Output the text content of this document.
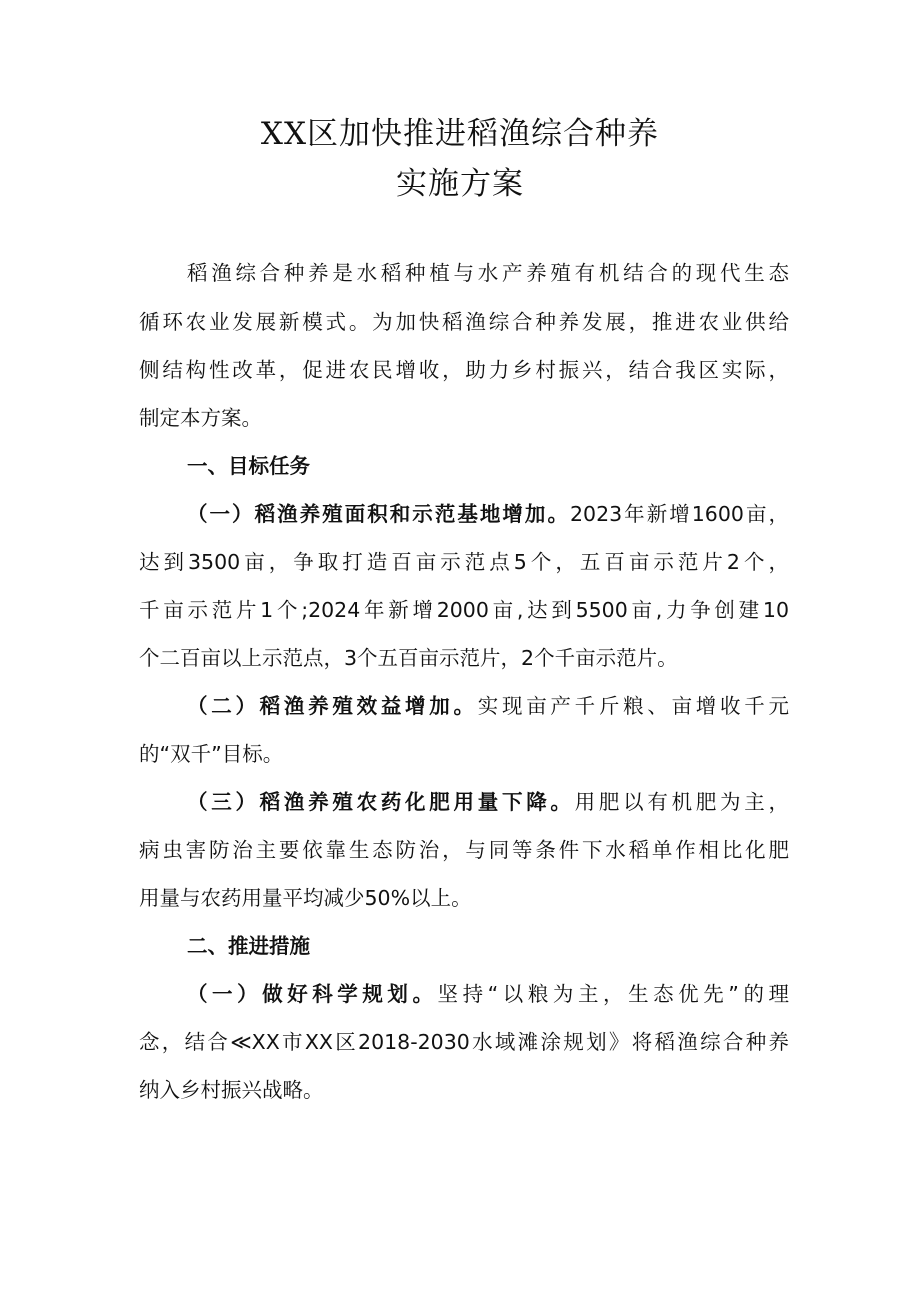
XX区加快推进稻渔综合种养
实施方案
稻渔综合种养是水稻种植与水产养殖有机结合的现代生态
循环农业发展新模式。为加快稻渔综合种养发展，推进农业供给
侧结构性改革，促进农民增收，助力乡村振兴，结合我区实际，
制定本方案。
一、目标任务
（一）稻渔养殖面积和示范基地增加。2023年新增1600亩，
达到3500亩，争取打造百亩示范点5个，五百亩示范片2个，
千亩示范片1个;2024年新增2000亩,达到5500亩,力争创建10
个二百亩以上示范点，3个五百亩示范片，2个千亩示范片。
（二）稻渔养殖效益增加。实现亩产千斤粮、亩增收千元
的“双千”目标。
（三）稻渔养殖农药化肥用量下降。用肥以有机肥为主，
病虫害防治主要依靠生态防治，与同等条件下水稻单作相比化肥
用量与农药用量平均减少50%以上。
二、推进措施
（一）做好科学规划。坚持“以粮为主，生态优先”的理
念，结合≪XX市XX区2018-2030水域滩涂规划》将稻渔综合种养
纳入乡村振兴战略。
